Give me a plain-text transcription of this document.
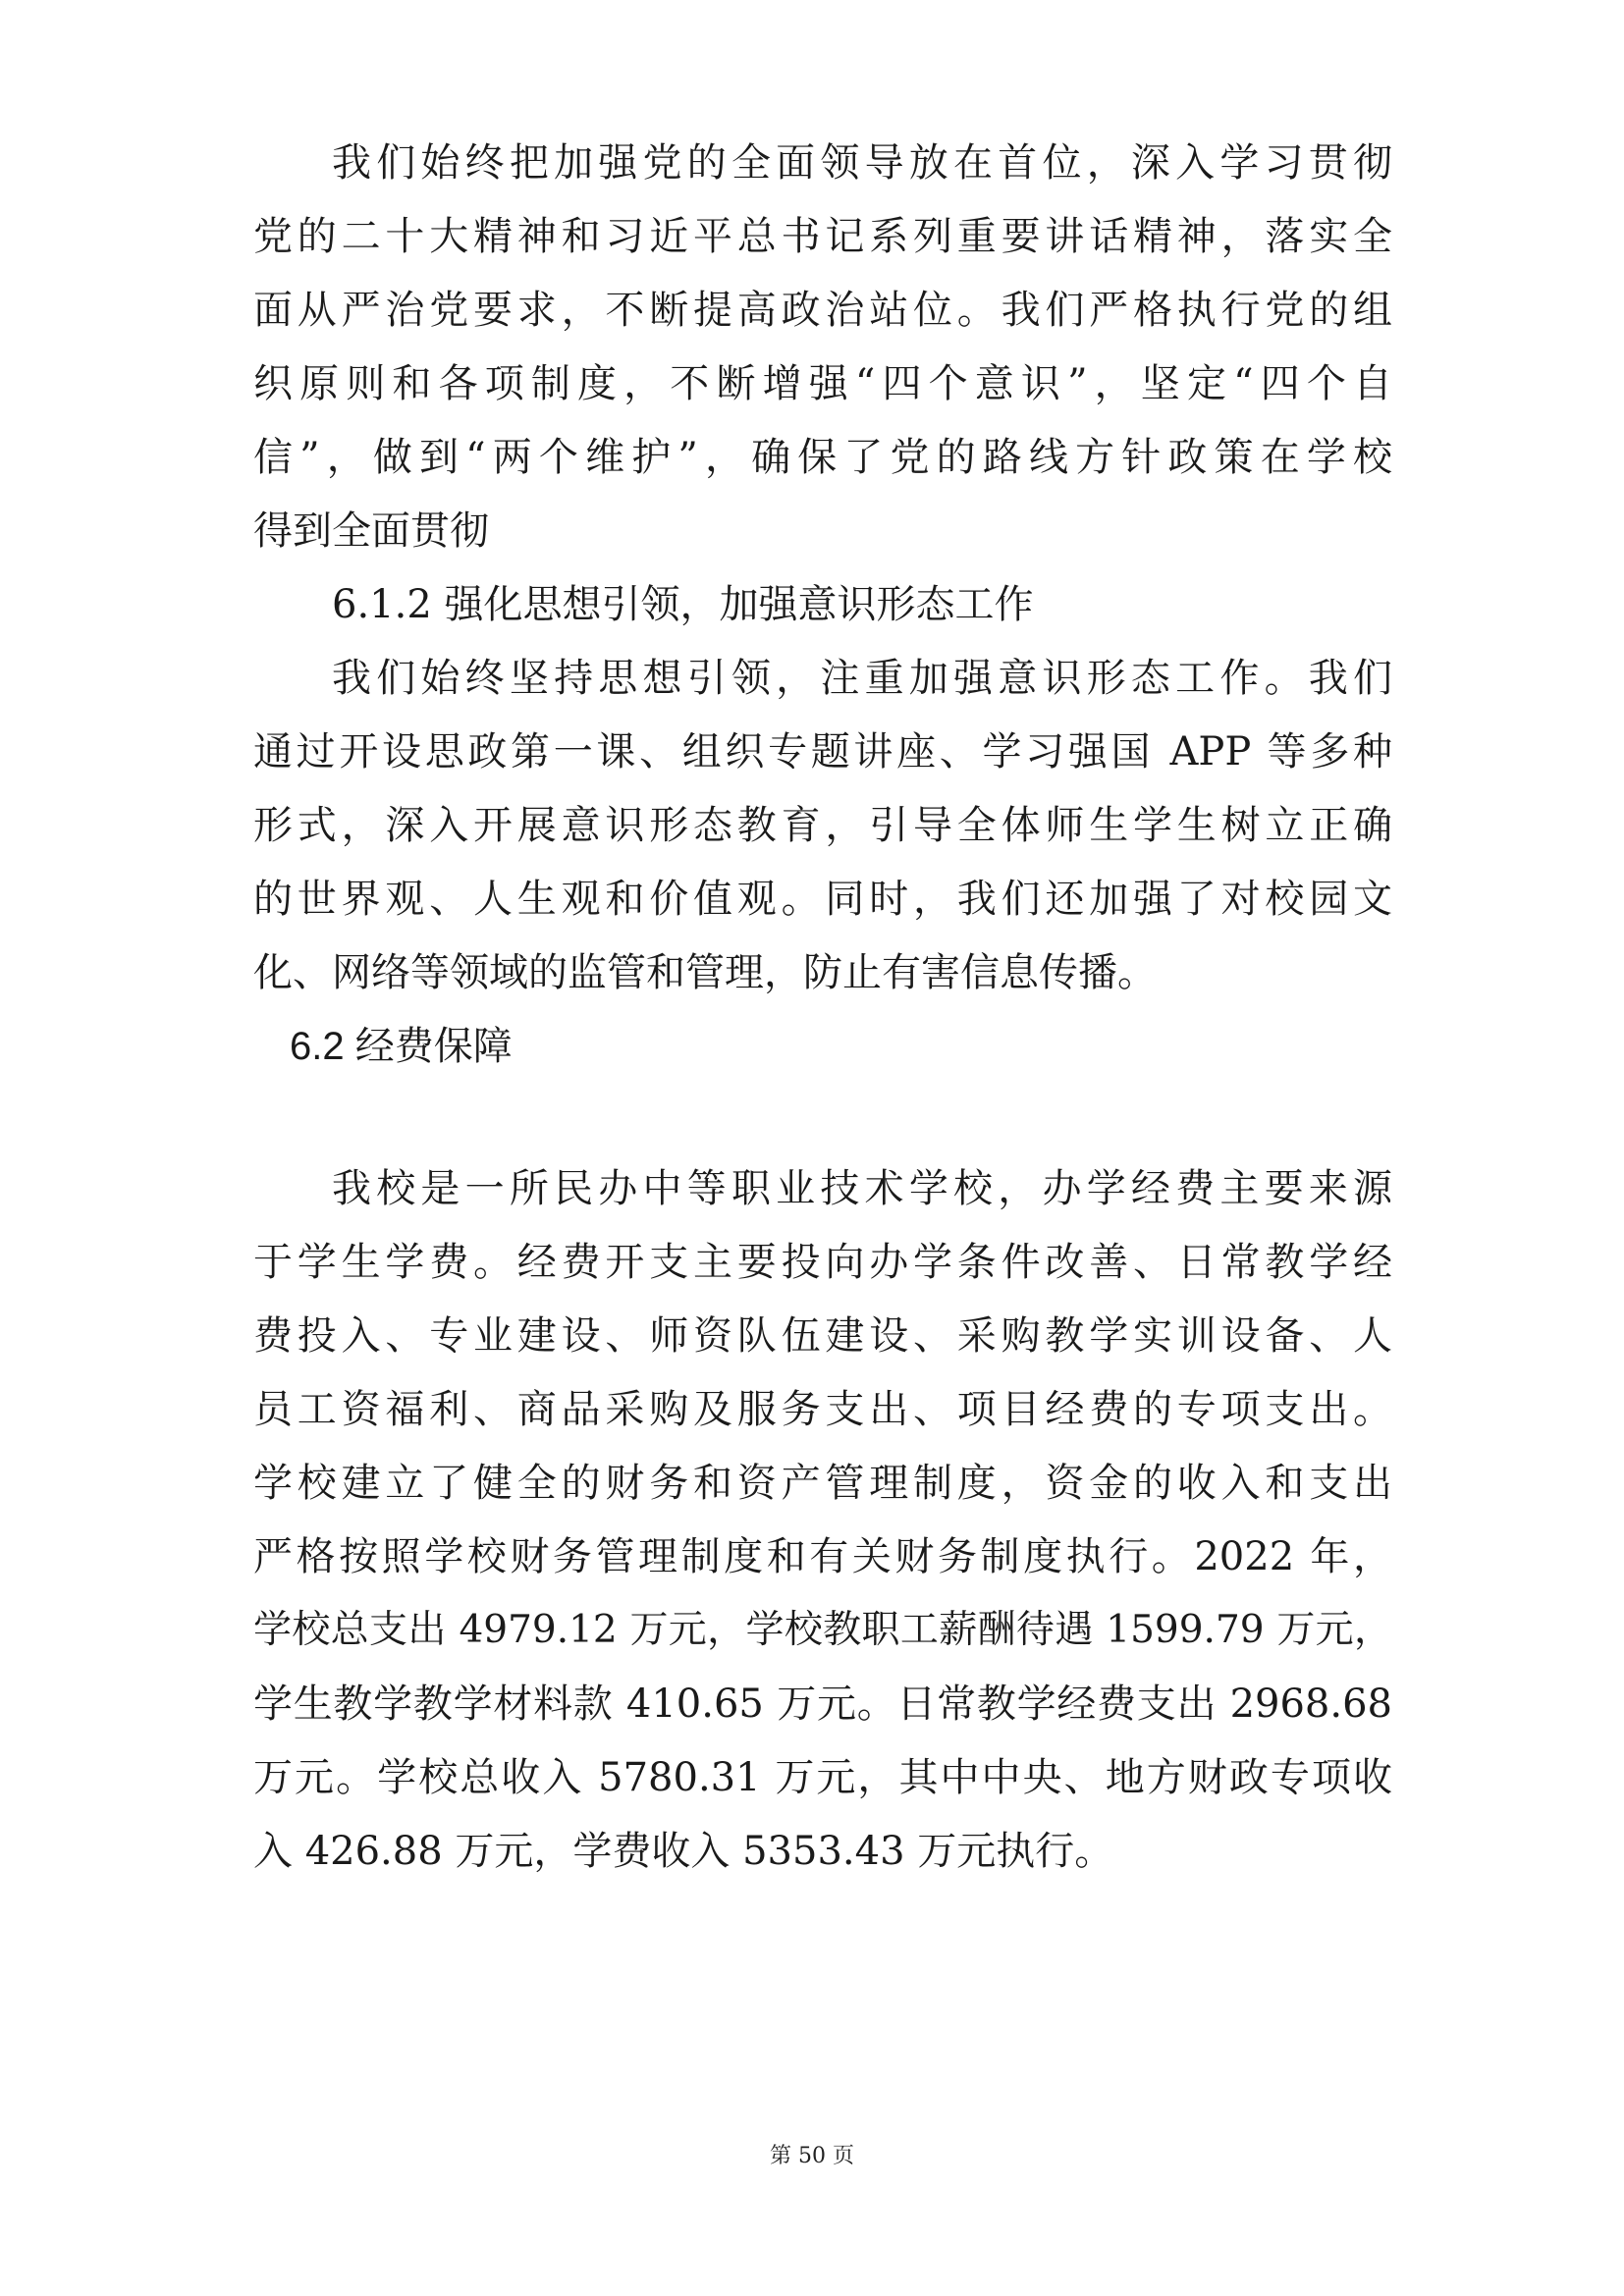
我们始终把加强党的全面领导放在首位，深入学习贯彻
党的二十大精神和习近平总书记系列重要讲话精神，落实全
面从严治党要求，不断提高政治站位。我们严格执行党的组
织原则和各项制度，不断增强“四个意识”，坚定“四个自
信”，做到“两个维护”，确保了党的路线方针政策在学校
得到全面贯彻
6.1.2 强化思想引领，加强意识形态工作
我们始终坚持思想引领，注重加强意识形态工作。我们
通过开设思政第一课、组织专题讲座、学习强国 APP 等多种
形式，深入开展意识形态教育，引导全体师生学生树立正确
的世界观、人生观和价值观。同时，我们还加强了对校园文
化、网络等领域的监管和管理，防止有害信息传播。
6.2 经费保障
我校是一所民办中等职业技术学校，办学经费主要来源
于学生学费。经费开支主要投向办学条件改善、日常教学经
费投入、专业建设、师资队伍建设、采购教学实训设备、人
员工资福利、商品采购及服务支出、项目经费的专项支出。
学校建立了健全的财务和资产管理制度，资金的收入和支出
严格按照学校财务管理制度和有关财务制度执行。2022 年，
学校总支出 4979.12 万元，学校教职工薪酬待遇 1599.79 万元，
学生教学教学材料款 410.65 万元。日常教学经费支出 2968.68
万元。学校总收入 5780.31 万元，其中中央、地方财政专项收
入 426.88 万元，学费收入 5353.43 万元执行。
第 50 页
